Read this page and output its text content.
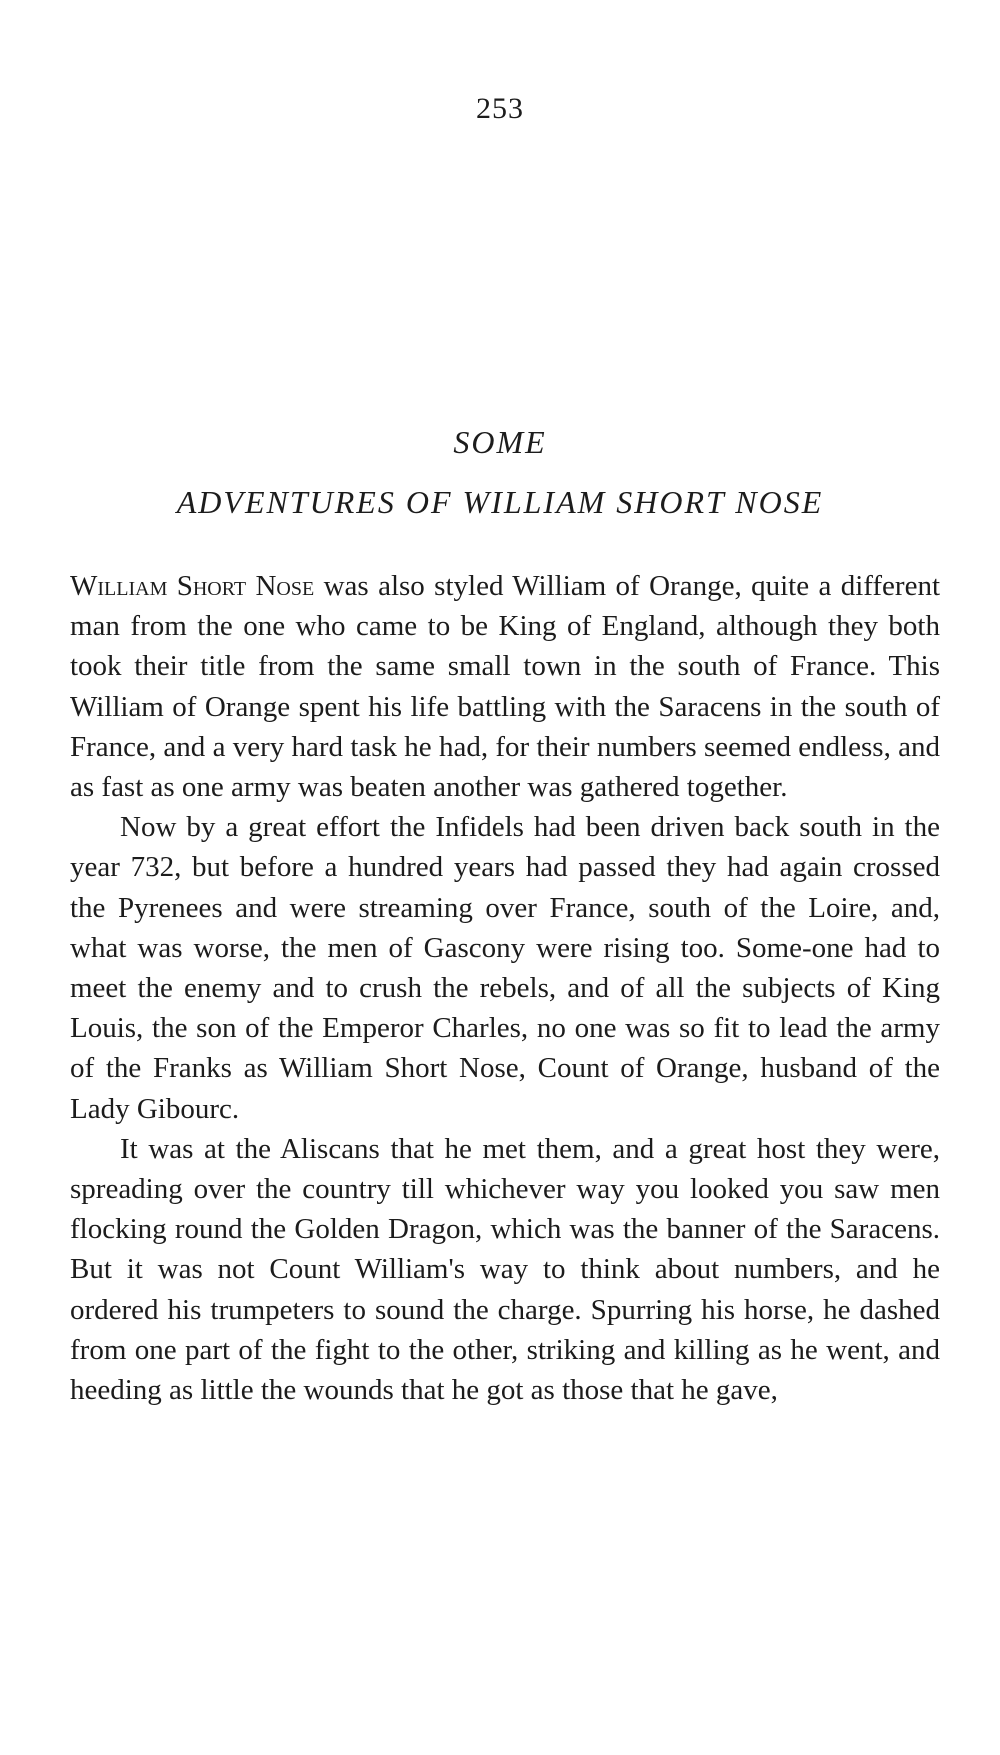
253
SOME
ADVENTURES OF WILLIAM SHORT NOSE

William Short Nose was also styled William of Orange, quite a different man from the one who came to be King of England, although they both took their title from the same small town in the south of France. This William of Orange spent his life battling with the Saracens in the south of France, and a very hard task he had, for their numbers seemed endless, and as fast as one army was beaten another was gathered together.

Now by a great effort the Infidels had been driven back south in the year 732, but before a hundred years had passed they had again crossed the Pyrenees and were streaming over France, south of the Loire, and, what was worse, the men of Gascony were rising too. Some-one had to meet the enemy and to crush the rebels, and of all the subjects of King Louis, the son of the Emperor Charles, no one was so fit to lead the army of the Franks as William Short Nose, Count of Orange, husband of the Lady Gibourc.

It was at the Aliscans that he met them, and a great host they were, spreading over the country till whichever way you looked you saw men flocking round the Golden Dragon, which was the banner of the Saracens. But it was not Count William's way to think about numbers, and he ordered his trumpeters to sound the charge. Spurring his horse, he dashed from one part of the fight to the other, striking and killing as he went, and heeding as little the wounds that he got as those that he gave,
